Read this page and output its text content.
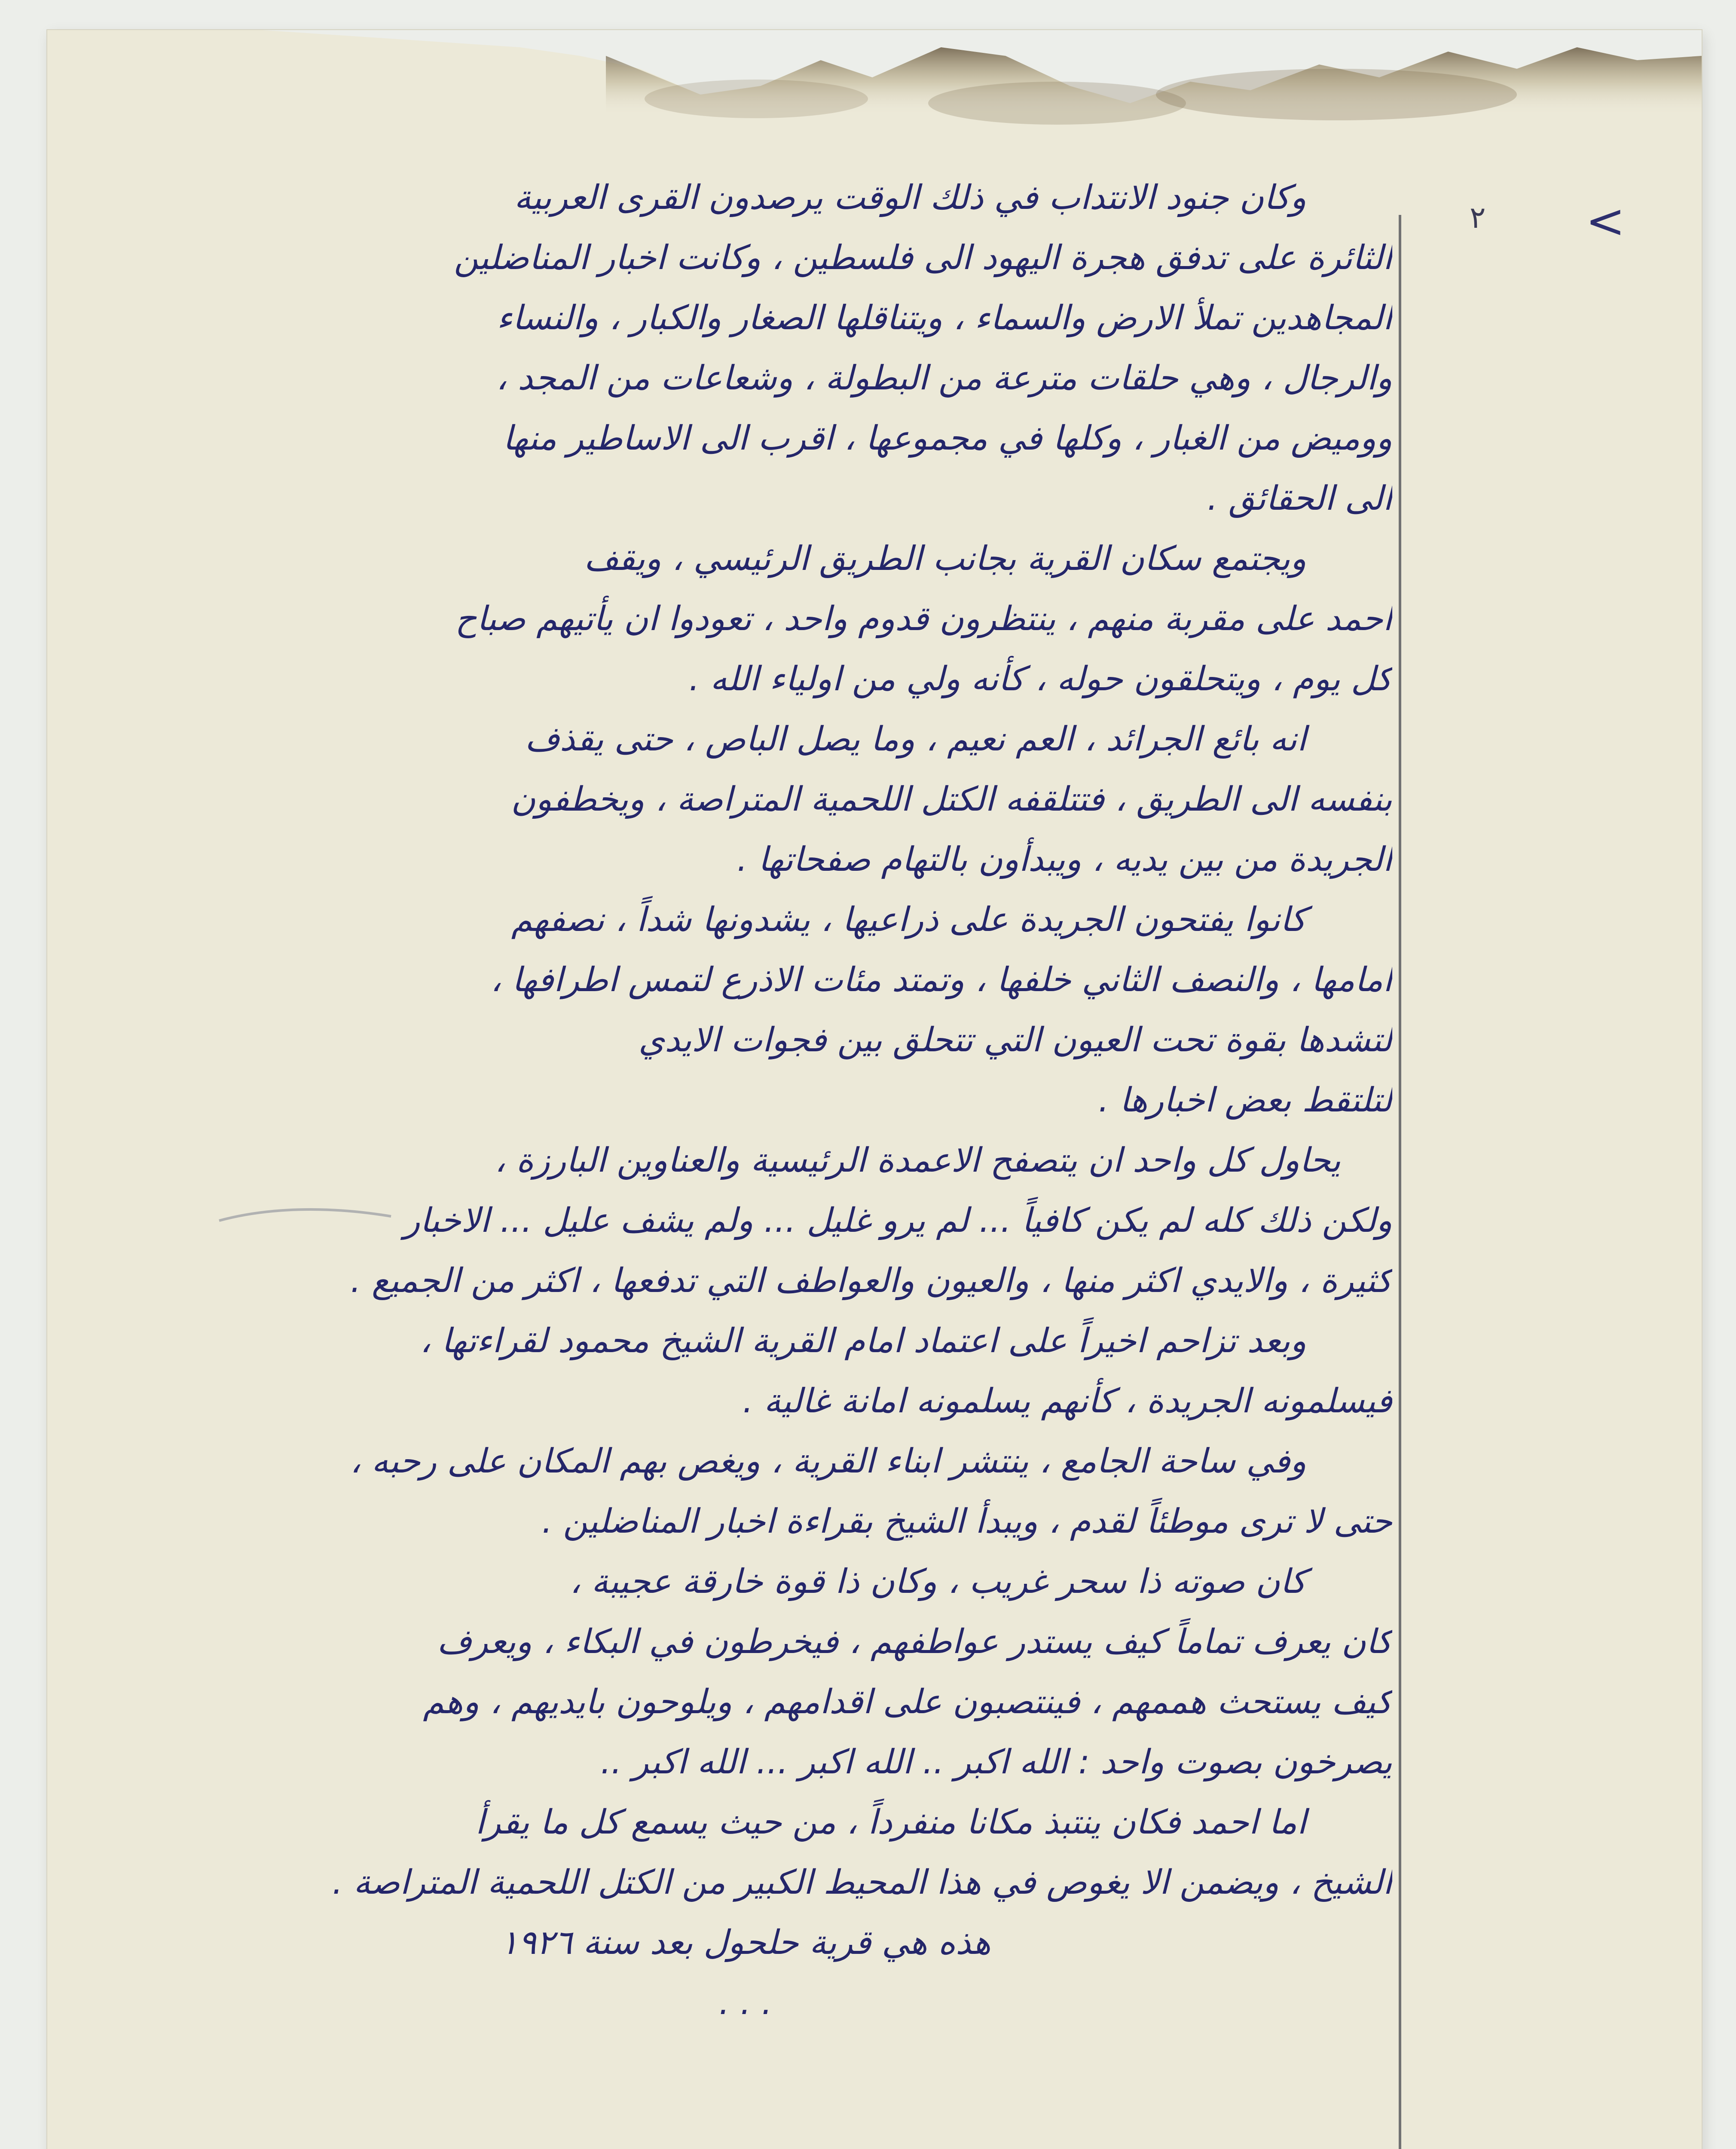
<
٢
وكان جنود الانتداب في ذلك الوقت يرصدون القرى العربية
الثائرة على تدفق هجرة اليهود الى فلسطين ، وكانت اخبار المناضلين
المجاهدين تملأ الارض والسماء ، ويتناقلها الصغار والكبار ، والنساء
والرجال ، وهي حلقات مترعة من البطولة ، وشعاعات من المجد ،
ووميض من الغبار ، وكلها في مجموعها ، اقرب الى الاساطير منها
الى الحقائق .
ويجتمع سكان القرية بجانب الطريق الرئيسي ، ويقف
احمد على مقربة منهم ، ينتظرون قدوم واحد ، تعودوا ان يأتيهم صباح
كل يوم ، ويتحلقون حوله ، كأنه ولي من اولياء الله .
انه بائع الجرائد ، العم نعيم ، وما يصل الباص ، حتى يقذف
بنفسه الى الطريق ، فتتلقفه الكتل اللحمية المتراصة ، ويخطفون
الجريدة من بين يديه ، ويبدأون بالتهام صفحاتها .
كانوا يفتحون الجريدة على ذراعيها ، يشدونها شداً ، نصفهم
امامها ، والنصف الثاني خلفها ، وتمتد مئات الاذرع لتمس اطرافها ،
لتشدها بقوة تحت العيون التي تتحلق بين فجوات الايدي
لتلتقط بعض اخبارها .
يحاول كل واحد ان يتصفح الاعمدة الرئيسية والعناوين البارزة ،
ولكن ذلك كله لم يكن كافياً ... لم يرو غليل ... ولم يشف عليل ... الاخبار
كثيرة ، والايدي اكثر منها ، والعيون والعواطف التي تدفعها ، اكثر من الجميع .
وبعد تزاحم اخيراً على اعتماد امام القرية الشيخ محمود لقراءتها ،
فيسلمونه الجريدة ، كأنهم يسلمونه امانة غالية .
وفي ساحة الجامع ، ينتشر ابناء القرية ، ويغص بهم المكان على رحبه ،
حتى لا ترى موطئاً لقدم ، ويبدأ الشيخ بقراءة اخبار المناضلين .
كان صوته ذا سحر غريب ، وكان ذا قوة خارقة عجيبة ،
كان يعرف تماماً كيف يستدر عواطفهم ، فيخرطون في البكاء ، ويعرف
كيف يستحث هممهم ، فينتصبون على اقدامهم ، ويلوحون بايديهم ، وهم
يصرخون بصوت واحد : الله اكبر .. الله اكبر ... الله اكبر ..
اما احمد فكان ينتبذ مكانا منفرداً ، من حيث يسمع كل ما يقرأ
الشيخ ، ويضمن الا يغوص في هذا المحيط الكبير من الكتل اللحمية المتراصة .
هذه هي قرية حلحول بعد سنة ١٩٢٦
. . .
